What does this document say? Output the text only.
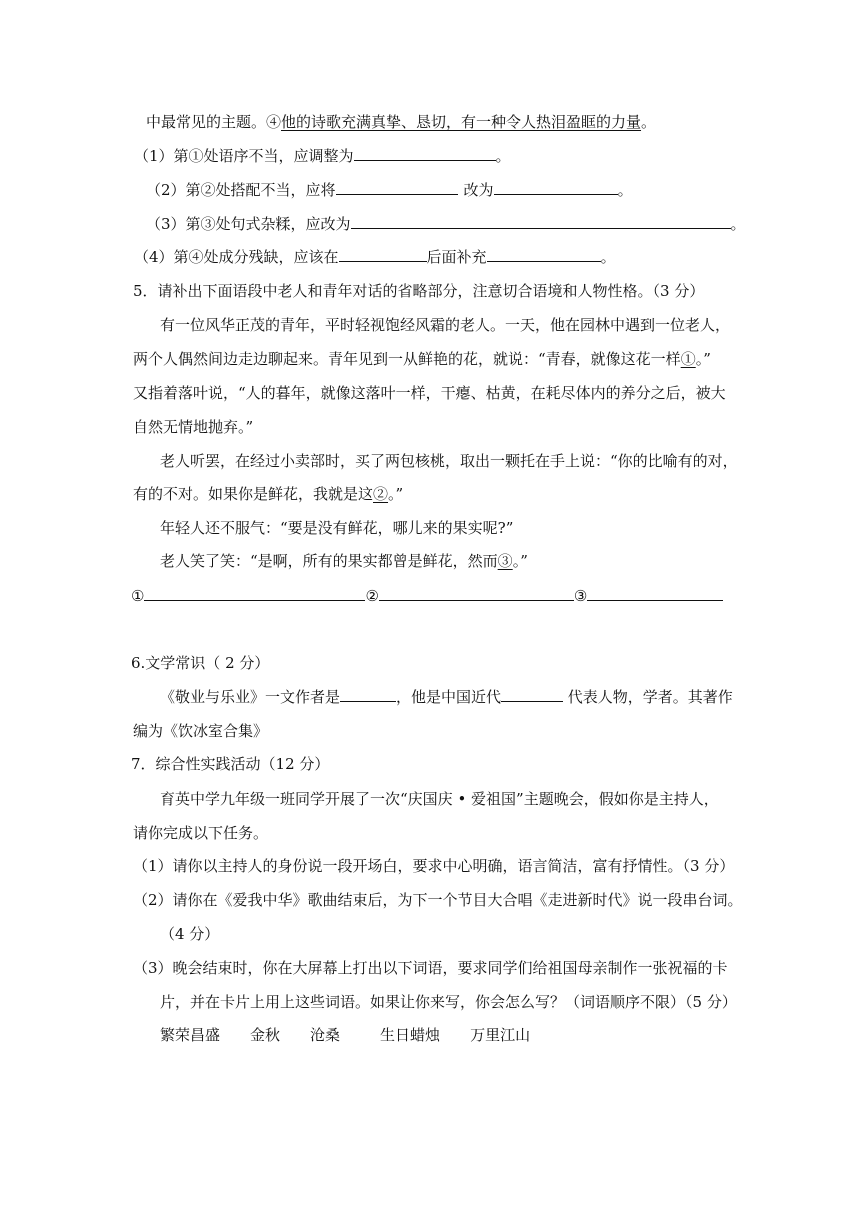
中最常见的主题。④他的诗歌充满真挚、恳切，有一种令人热泪盈眶的力量。
（1）第①处语序不当，应调整为	。
（2）第②处搭配不当，应将	改为	。
（3）第③处句式杂糅，应改为	。
（4）第④处成分残缺，应该在	后面补充	。
5．请补出下面语段中老人和青年对话的省略部分，注意切合语境和人物性格。（3 分）
有一位风华正茂的青年，平时轻视饱经风霜的老人。一天，他在园林中遇到一位老人，
两个人偶然间边走边聊起来。青年见到一从鲜艳的花，就说：“青春，就像这花一样①。”
又指着落叶说，“人的暮年，就像这落叶一样，干瘪、枯黄，在耗尽体内的养分之后，被大
自然无情地抛弃。”
老人听罢，在经过小卖部时，买了两包核桃，取出一颗托在手上说：“你的比喻有的对，
有的不对。如果你是鲜花，我就是这②。”
年轻人还不服气：“要是没有鲜花，哪儿来的果实呢?”
老人笑了笑：“是啊，所有的果实都曾是鲜花，然而③。”
①	②	③
6.文学常识（ 2 分）
《敬业与乐业》一文作者是	，他是中国近代	代表人物，学者。其著作
编为《饮冰室合集》
7．综合性实践活动（12 分）
育英中学九年级一班同学开展了一次“庆国庆 • 爱祖国”主题晚会，假如你是主持人，
请你完成以下任务。
（1）请你以主持人的身份说一段开场白，要求中心明确，语言简洁，富有抒情性。（3 分）
（2）请你在《爱我中华》歌曲结束后，为下一个节目大合唱《走进新时代》说一段串台词。
（4 分）
（3）晚会结束时，你在大屏幕上打出以下词语，要求同学们给祖国母亲制作一张祝福的卡
片，并在卡片上用上这些词语。如果让你来写，你会怎么写？（词语顺序不限）（5 分）
繁荣昌盛 金秋 沧桑	生日蜡烛 万里江山
